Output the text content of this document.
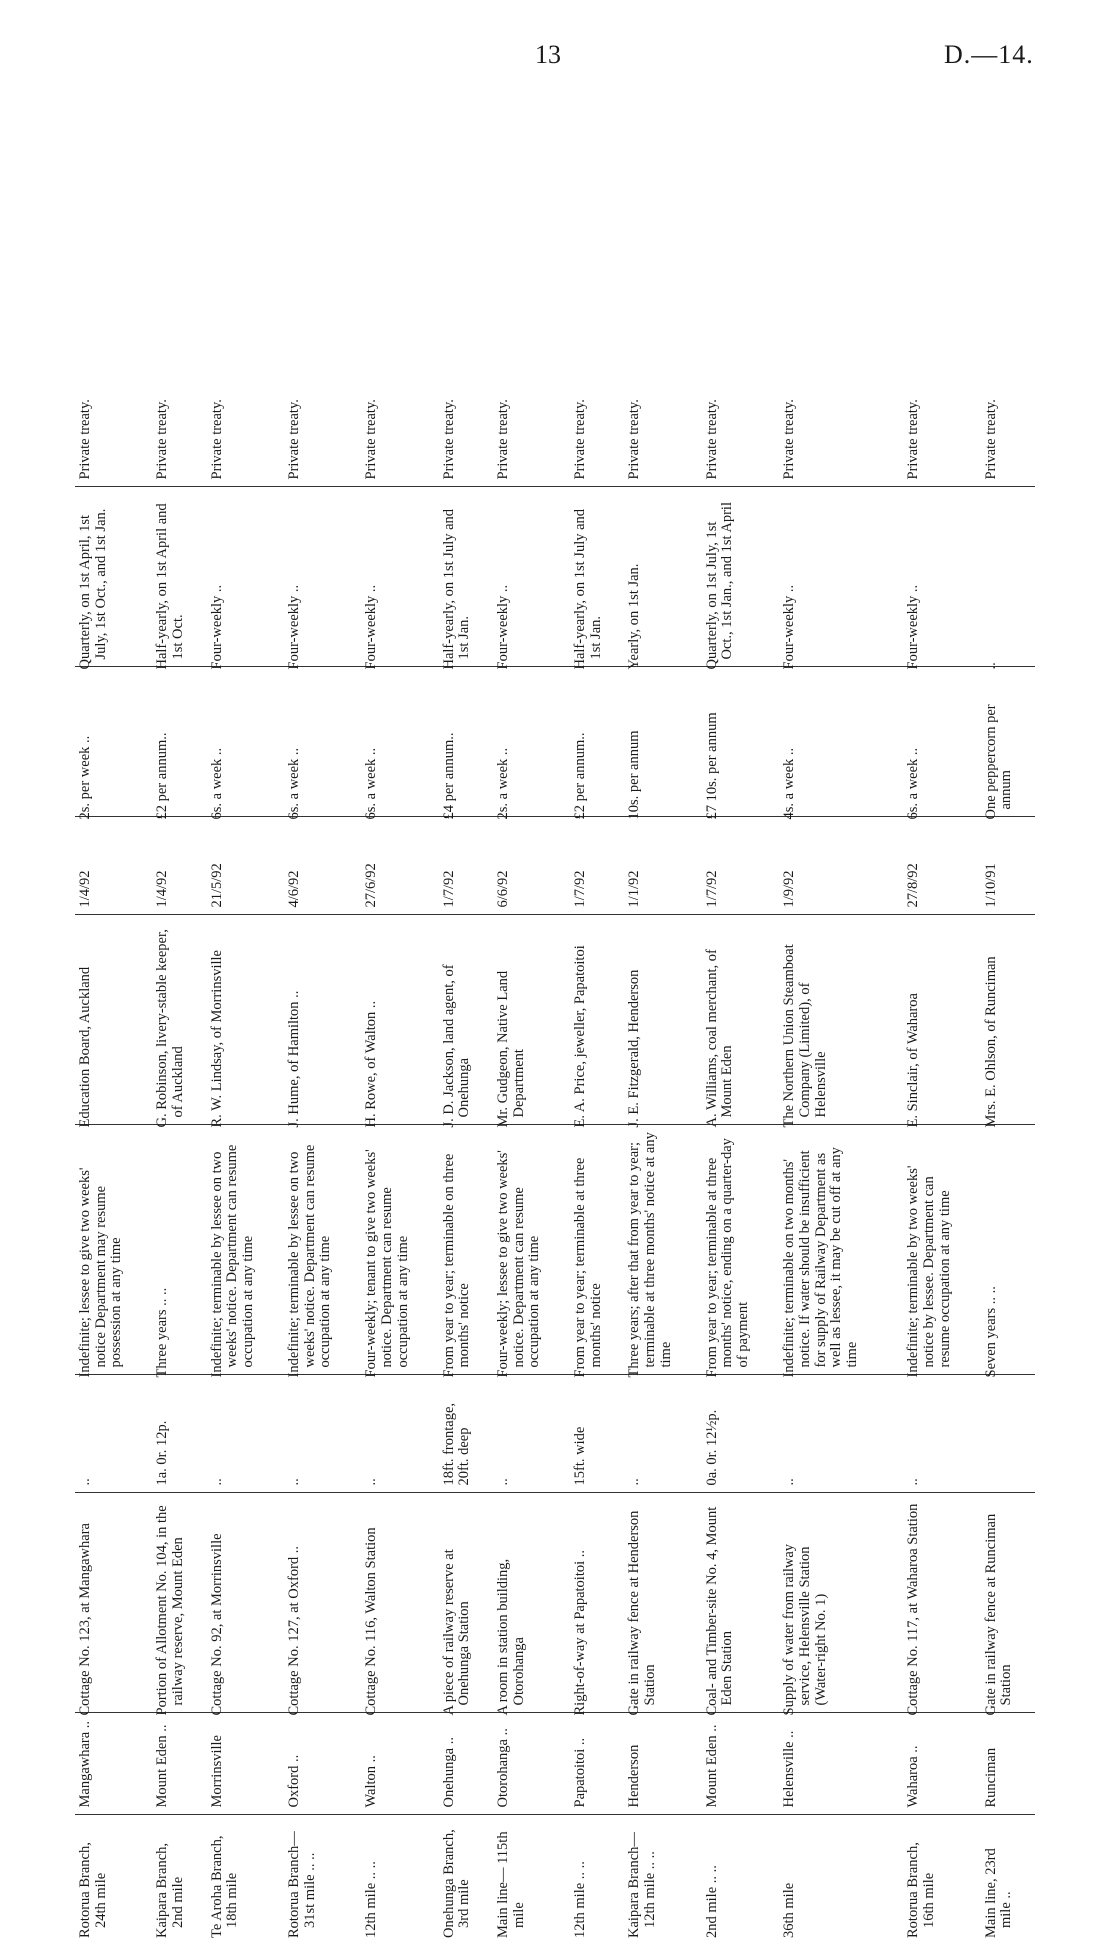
13	D.—14.
Rotorua Branch, 24th mile	Mangawhara ..	Cottage No. 123, at Mangawhara	..	Indefinite; lessee to give two weeks' notice Department may resume possession at any time	Education Board, Auckland	1/4/92	2s. per week ..	Quarterly, on 1st April, 1st July, 1st Oct., and 1st Jan.	Private treaty.
Kaipara Branch, 2nd mile	Mount Eden ..	Portion of Allotment No. 104, in the railway reserve, Mount Eden	1a. 0r. 12p.	Three years .. ..	G. Robinson, livery-stable keeper, of Auckland	1/4/92	£2 per annum..	Half-yearly, on 1st April and 1st Oct.	Private treaty.
Te Aroha Branch, 18th mile	Morrinsville	Cottage No. 92, at Morrinsville	..	Indefinite; terminable by lessee on two weeks' notice. Department can resume occupation at any time	R. W. Lindsay, of Morrinsville	21/5/92	6s. a week ..	Four-weekly ..	Private treaty.
Rotorua Branch— 31st mile .. ..	Oxford ..	Cottage No. 127, at Oxford ..	..	Indefinite; terminable by lessee on two weeks' notice. Department can resume occupation at any time	J. Hume, of Hamilton ..	4/6/92	6s. a week ..	Four-weekly ..	Private treaty.
12th mile .. ..	Walton ..	Cottage No. 116, Walton Station	..	Four-weekly; tenant to give two weeks' notice. Department can resume occupation at any time	H. Rowe, of Walton ..	27/6/92	6s. a week ..	Four-weekly ..	Private treaty.
Onehunga Branch, 3rd mile	Onehunga ..	A piece of railway reserve at Onehunga Station	18ft. frontage, 20ft. deep	From year to year; terminable on three months' notice	J. D. Jackson, land agent, of Onehunga	1/7/92	£4 per annum..	Half-yearly, on 1st July and 1st Jan.	Private treaty.
Main line— 115th mile	Otorohanga ..	A room in station building, Otorohanga	..	Four-weekly; lessee to give two weeks' notice. Department can resume occupation at any time	Mr. Gudgeon, Native Land Department	6/6/92	2s. a week ..	Four-weekly ..	Private treaty.
12th mile .. ..	Papatoitoi ..	Right-of-way at Papatoitoi ..	15ft. wide	From year to year; terminable at three months' notice	E. A. Price, jeweller, Papatoitoi	1/7/92	£2 per annum..	Half-yearly, on 1st July and 1st Jan.	Private treaty.
Kaipara Branch— 12th mile .. ..	Henderson	Gate in railway fence at Henderson Station	..	Three years; after that from year to year; terminable at three months' notice at any time	J. E. Fitzgerald, Henderson	1/1/92	10s. per annum	Yearly, on 1st Jan.	Private treaty.
2nd mile .. ..	Mount Eden ..	Coal- and Timber-site No. 4, Mount Eden Station	0a. 0r. 12½p.	From year to year; terminable at three months' notice, ending on a quarter-day of payment	A. Williams, coal merchant, of Mount Eden	1/7/92	£7 10s. per annum	Quarterly, on 1st July, 1st Oct., 1st Jan., and 1st April	Private treaty.
36th mile	Helensville ..	Supply of water from railway service, Helensville Station (Water-right No. 1)	..	Indefinite; terminable on two months' notice. If water should be insufficient for supply of Railway Department as well as lessee, it may be cut off at any time	The Northern Union Steamboat Company (Limited), of Helensville	1/9/92	4s. a week ..	Four-weekly ..	Private treaty.
Rotorua Branch, 16th mile	Waharoa ..	Cottage No. 117, at Waharoa Station	..	Indefinite; terminable by two weeks' notice by lessee. Department can resume occupation at any time	E. Sinclair, of Waharoa	27/8/92	6s. a week ..	Four-weekly ..	Private treaty.
Main line, 23rd mile ..	Runciman	Gate in railway fence at Runciman Station		Seven years .. ..	Mrs. E. Ohlson, of Runciman	1/10/91	One peppercorn per annum	..	Private treaty.
